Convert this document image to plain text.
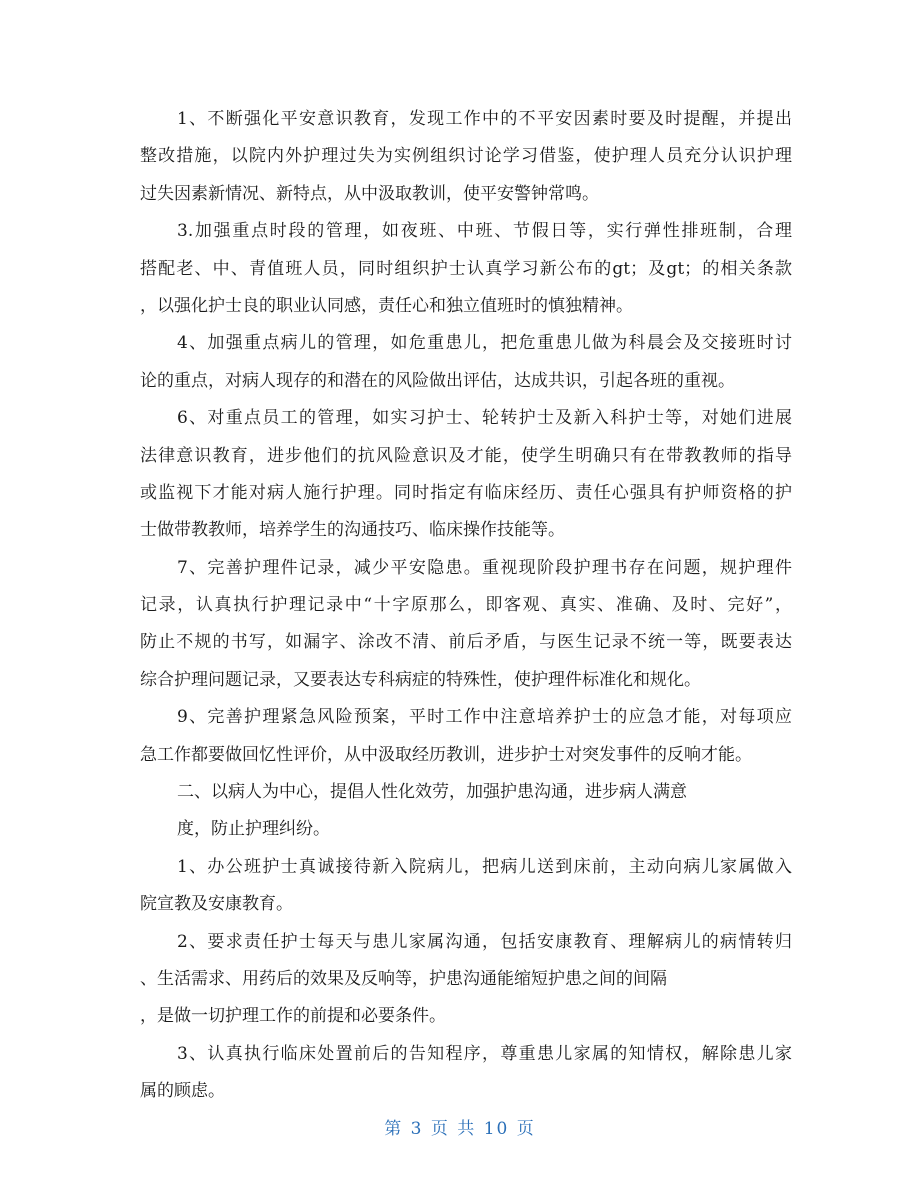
1、不断强化平安意识教育，发现工作中的不平安因素时要及时提醒，并提出
整改措施，以院内外护理过失为实例组织讨论学习借鉴，使护理人员充分认识护理
过失因素新情况、新特点，从中汲取教训，使平安警钟常鸣。
3.加强重点时段的管理，如夜班、中班、节假日等，实行弹性排班制，合理
搭配老、中、青值班人员，同时组织护士认真学习新公布的gt；及gt；的相关条款
，以强化护士良的职业认同感，责任心和独立值班时的慎独精神。
4、加强重点病儿的管理，如危重患儿，把危重患儿做为科晨会及交接班时讨
论的重点，对病人现存的和潜在的风险做出评估，达成共识，引起各班的重视。
6、对重点员工的管理，如实习护士、轮转护士及新入科护士等，对她们进展
法律意识教育，进步他们的抗风险意识及才能，使学生明确只有在带教教师的指导
或监视下才能对病人施行护理。同时指定有临床经历、责任心强具有护师资格的护
士做带教教师，培养学生的沟通技巧、临床操作技能等。
7、完善护理件记录，减少平安隐患。重视现阶段护理书存在问题，规护理件
记录，认真执行护理记录中“十字原那么，即客观、真实、准确、及时、完好”，
防止不规的书写，如漏字、涂改不清、前后矛盾，与医生记录不统一等，既要表达
综合护理问题记录，又要表达专科病症的特殊性，使护理件标准化和规化。
9、完善护理紧急风险预案，平时工作中注意培养护士的应急才能，对每项应
急工作都要做回忆性评价，从中汲取经历教训，进步护士对突发事件的反响才能。
二、以病人为中心，提倡人性化效劳，加强护患沟通，进步病人满意
度，防止护理纠纷。
1、办公班护士真诚接待新入院病儿，把病儿送到床前，主动向病儿家属做入
院宣教及安康教育。
2、要求责任护士每天与患儿家属沟通，包括安康教育、理解病儿的病情转归
、生活需求、用药后的效果及反响等，护患沟通能缩短护患之间的间隔
，是做一切护理工作的前提和必要条件。
3、认真执行临床处置前后的告知程序，尊重患儿家属的知情权，解除患儿家
属的顾虑。
第 3 页 共 10 页
